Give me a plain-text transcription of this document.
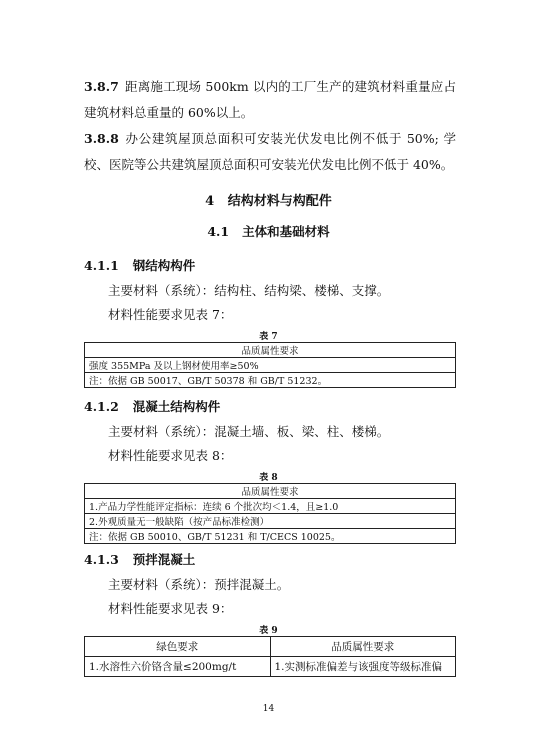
3.8.7 距离施工现场 500km 以内的工厂生产的建筑材料重量应占建筑材料总重量的 60%以上。
3.8.8 办公建筑屋顶总面积可安装光伏发电比例不低于 50%; 学校、医院等公共建筑屋顶总面积可安装光伏发电比例不低于 40%。
4 结构材料与构配件
4.1 主体和基础材料
4.1.1 钢结构构件
主要材料（系统）：结构柱、结构梁、楼梯、支撑。
材料性能要求见表 7：
表 7
品质属性要求
强度 355MPa 及以上钢材使用率≥50%
注：依据 GB 50017、GB/T 50378 和 GB/T 51232。
4.1.2 混凝土结构构件
主要材料（系统）：混凝土墙、板、梁、柱、楼梯。
材料性能要求见表 8：
表 8
品质属性要求
1.产品力学性能评定指标：连续 6 个批次均＜1.4，且≥1.0
2.外观质量无一般缺陷（按产品标准检测）
注：依据 GB 50010、GB/T 51231 和 T/CECS 10025。
4.1.3 预拌混凝土
主要材料（系统）：预拌混凝土。
材料性能要求见表 9：
表 9
绿色要求	品质属性要求
1.水溶性六价铬含量≤200mg/t	1.实测标准偏差与该强度等级标准偏
14
